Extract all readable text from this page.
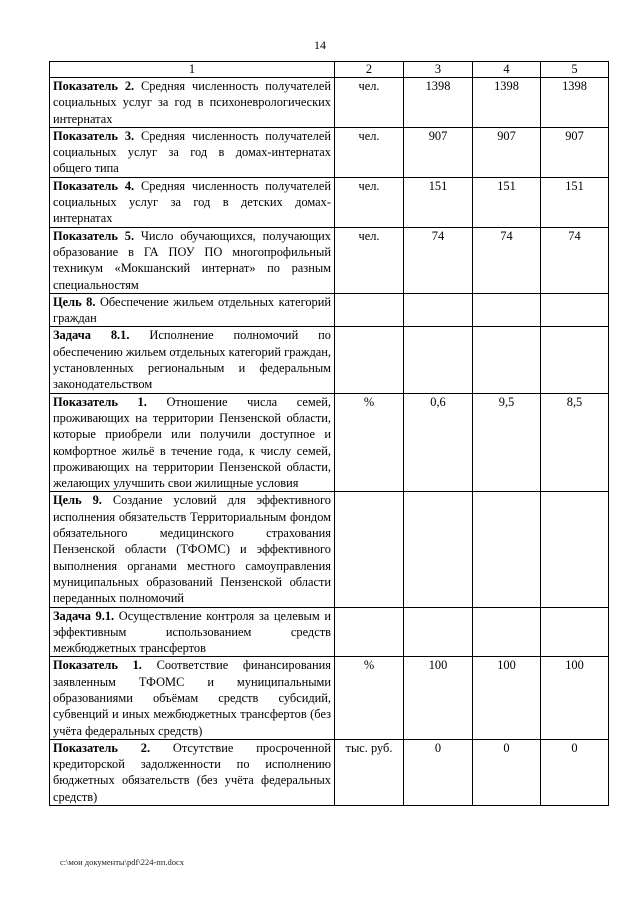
14
1	2	3	4	5
Показатель 2. Средняя численность получателей социальных услуг за год в психоневрологических интернатах	чел.	1398	1398	1398
Показатель 3. Средняя численность получателей социальных услуг за год в домах-интернатах общего типа	чел.	907	907	907
Показатель 4. Средняя численность получателей социальных услуг за год в детских домах-интернатах	чел.	151	151	151
Показатель 5. Число обучающихся, получающих образование в ГА ПОУ ПО многопрофильный техникум «Мокшанский интернат» по разным специальностям	чел.	74	74	74
Цель 8. Обеспечение жильем отдельных категорий граждан				
Задача 8.1. Исполнение полномочий по обеспечению жильем отдельных категорий граждан, установленных региональным и федеральным законодательством				
Показатель 1. Отношение числа семей, проживающих на территории Пензенской области, которые приобрели или получили доступное и комфортное жильё в течение года, к числу семей, проживающих на территории Пензенской области, желающих улучшить свои жилищные условия	%	0,6	9,5	8,5
Цель 9. Создание условий для эффективного исполнения обязательств Территориальным фондом обязательного медицинского страхования Пензенской области (ТФОМС) и эффективного выполнения органами местного самоуправления муниципальных образований Пензенской области переданных полномочий				
Задача 9.1. Осуществление контроля за целевым и эффективным использованием средств межбюджетных трансфертов				
Показатель 1. Соответствие финансирования заявленным ТФОМС и муниципальными образованиями объёмам средств субсидий, субвенций и иных межбюджетных трансфертов (без учёта федеральных средств)	%	100	100	100
Показатель 2. Отсутствие просроченной кредиторской задолженности по исполнению бюджетных обязательств (без учёта федеральных средств)	тыс. руб.	0	0	0
c:\мои документы\pdf\224-пп.docx
